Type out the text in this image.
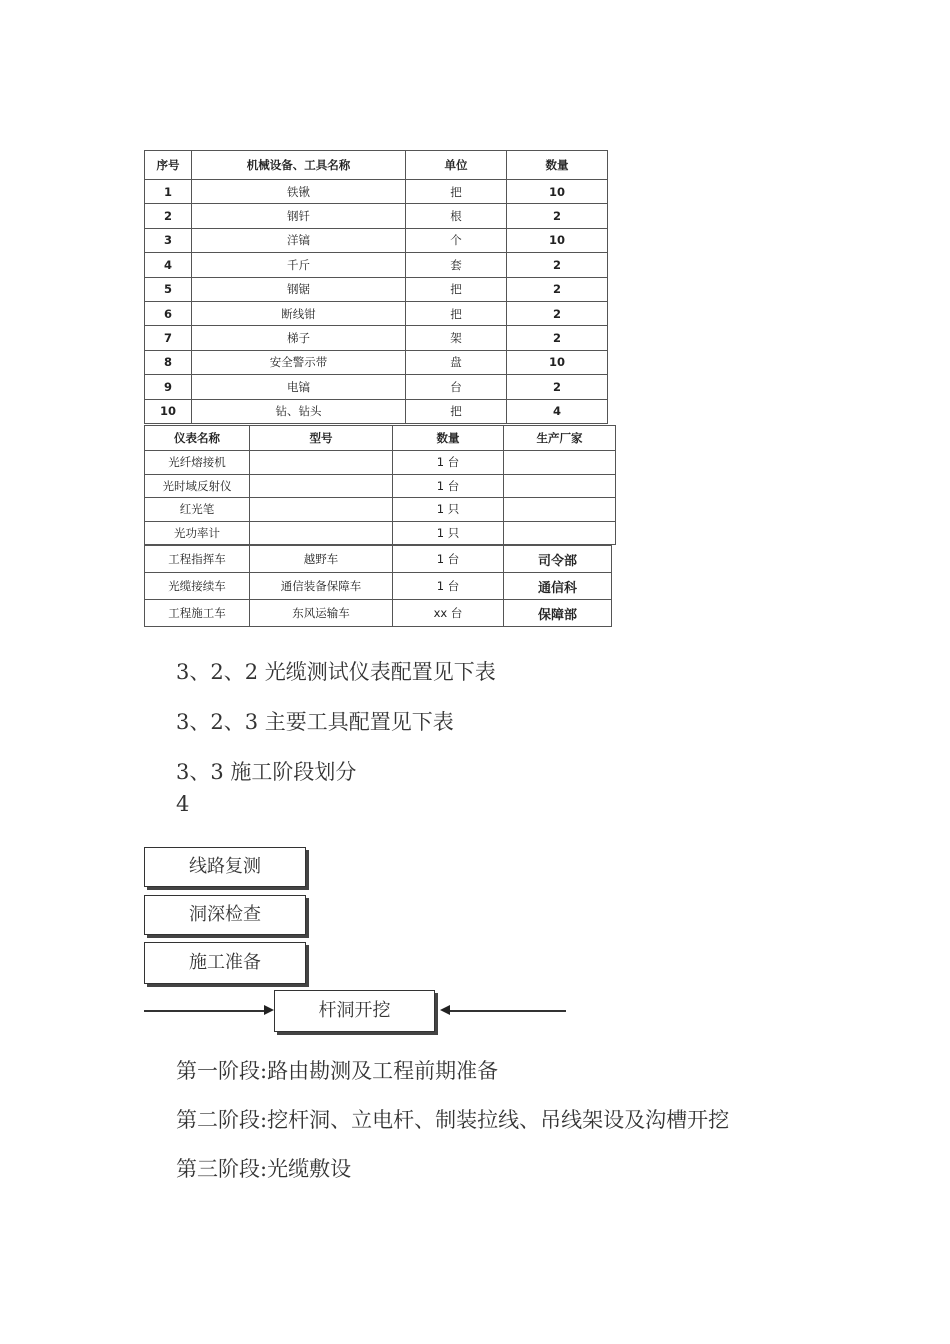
序号	机械设备、工具名称	单位	数量
1	铁锹	把	10
2	钢钎	根	2
3	洋镐	个	10
4	千斤	套	2
5	钢锯	把	2
6	断线钳	把	2
7	梯子	架	2
8	安全警示带	盘	10
9	电镐	台	2
10	钻、钻头	把	4
仪表名称	型号	数量	生产厂家
光纤熔接机		1 台	
光时域反射仪		1 台	
红光笔		1 只	
光功率计		1 只	
工程指挥车	越野车	1 台	司令部
光缆接续车	通信装备保障车	1 台	通信科
工程施工车	东风运输车	xx 台	保障部
3、2、2 光缆测试仪表配置见下表
3、2、3 主要工具配置见下表
3、3 施工阶段划分
4
线路复测
洞深检查
施工准备
杆洞开挖
第一阶段:路由勘测及工程前期准备
第二阶段:挖杆洞、立电杆、制装拉线、吊线架设及沟槽开挖
第三阶段:光缆敷设
